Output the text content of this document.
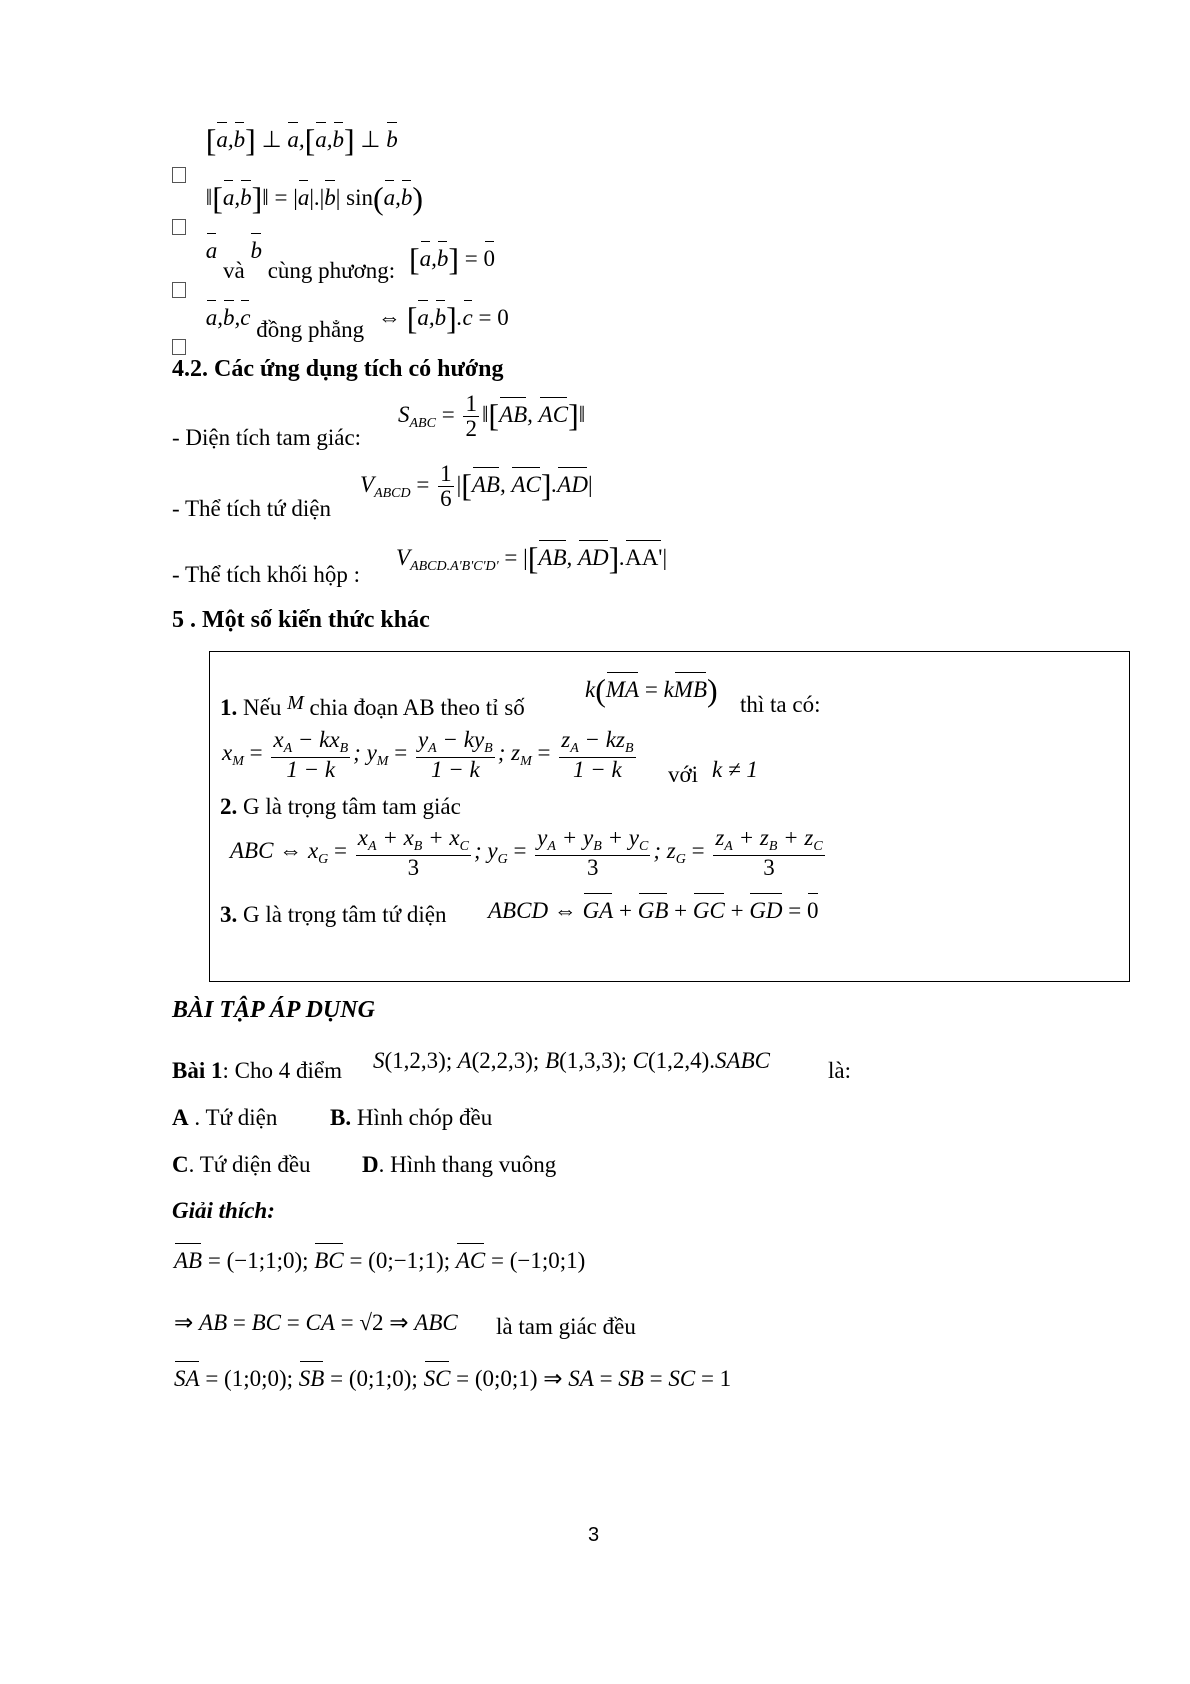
[a,b] ⊥ a,[a,b] ⊥ b
‖[a,b]‖ = |a|.|b| sin(a,b)
a và b cùng phương: [a,b] = 0
a,b,c đồng phẳng ⇔ [a,b].c = 0
4.2. Các ứng dụng tích có hướng
- Diện tích tam giác:
$S_{ABC} = \frac{1}{2}$ ‖[AB, AC]‖
- Thể tích tứ diện
$V_{ABCD} = \frac{1}{6} |[AB$, AC].AD|
- Thể tích khối hộp :
$V_{ABCD.A'B'C'D'} = |[AB$, AD].AA'|
5 . Một số kiến thức khác
1. Nếu M chia đoạn AB theo tỉ số
k(MA = kMB) thì ta có:
$x_M = \frac{x_A - kx_B}{1 - k}$ ; $y_M = \frac{y_A - ky_B}{1 - k}$ ; $z_M = \frac{z_A - kz_B}{1 - k}$ với k ≠ 1
2. G là trọng tâm tam giác
ABC ⇔ $x_G = \frac{x_A + x_B + x_C}{3}$ ; $y_G = \frac{y_A + y_B + y_C}{3}$ ; $z_G = \frac{z_A + z_B + z_C}{3}$
3. G là trọng tâm tứ diện ABCD ⇔ GA + GB + GC + GD = 0
BÀI TẬP ÁP DỤNG
Bài 1: Cho 4 điểm S(1,2,3); A(2,2,3); B(1,3,3); C(1,2,4).SABC	là:
A . Tứ diện B. Hình chóp đều
C. Tứ diện đều D. Hình thang vuông
Giải thích:
AB = (−1;1;0); BC = (0;−1;1); AC = (−1;0;1)
⇒ AB = BC = CA = √2 ⇒ ABC là tam giác đều
SA = (1;0;0); SB = (0;1;0); SC = (0;0;1) ⇒ SA = SB = SC = 1
3
